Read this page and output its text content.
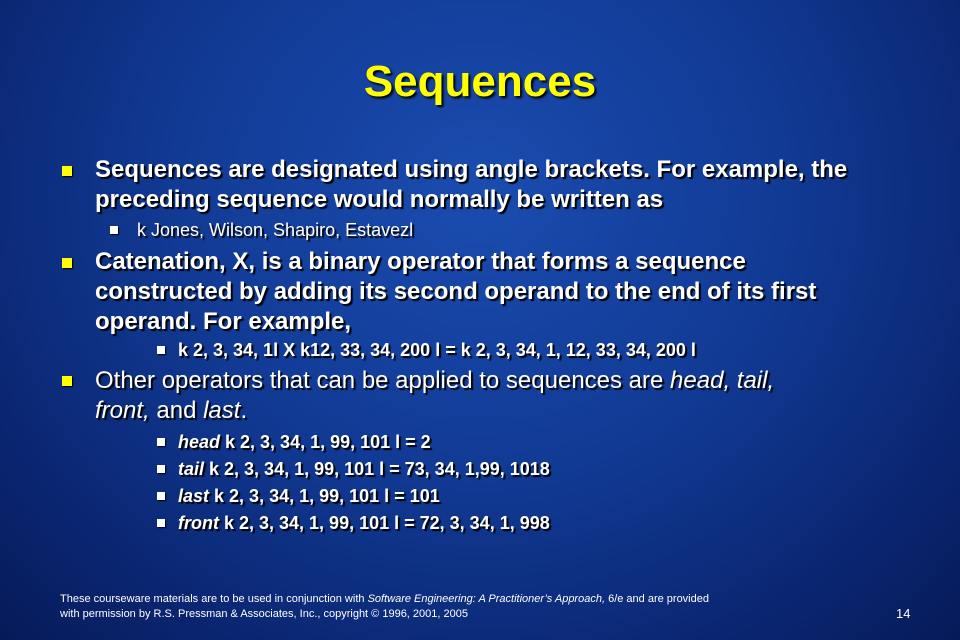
Sequences
Sequences are designated using angle brackets. For example, the
preceding sequence would normally be written as
k Jones, Wilson, Shapiro, Estavezl
Catenation, X, is a binary operator that forms a sequence
constructed by adding its second operand to the end of its first
operand. For example,
k 2, 3, 34, 1l X k12, 33, 34, 200 l = k 2, 3, 34, 1, 12, 33, 34, 200 l
Other operators that can be applied to sequences are head, tail,
front, and last.
head k 2, 3, 34, 1, 99, 101 l = 2
tail k 2, 3, 34, 1, 99, 101 l = 73, 34, 1,99, 1018
last k 2, 3, 34, 1, 99, 101 l = 101
front k 2, 3, 34, 1, 99, 101 l = 72, 3, 34, 1, 998
These courseware materials are to be used in conjunction with Software Engineering: A Practitioner’s Approach, 6/e and are provided
with permission by R.S. Pressman & Associates, Inc., copyright © 1996, 2001, 2005	14
